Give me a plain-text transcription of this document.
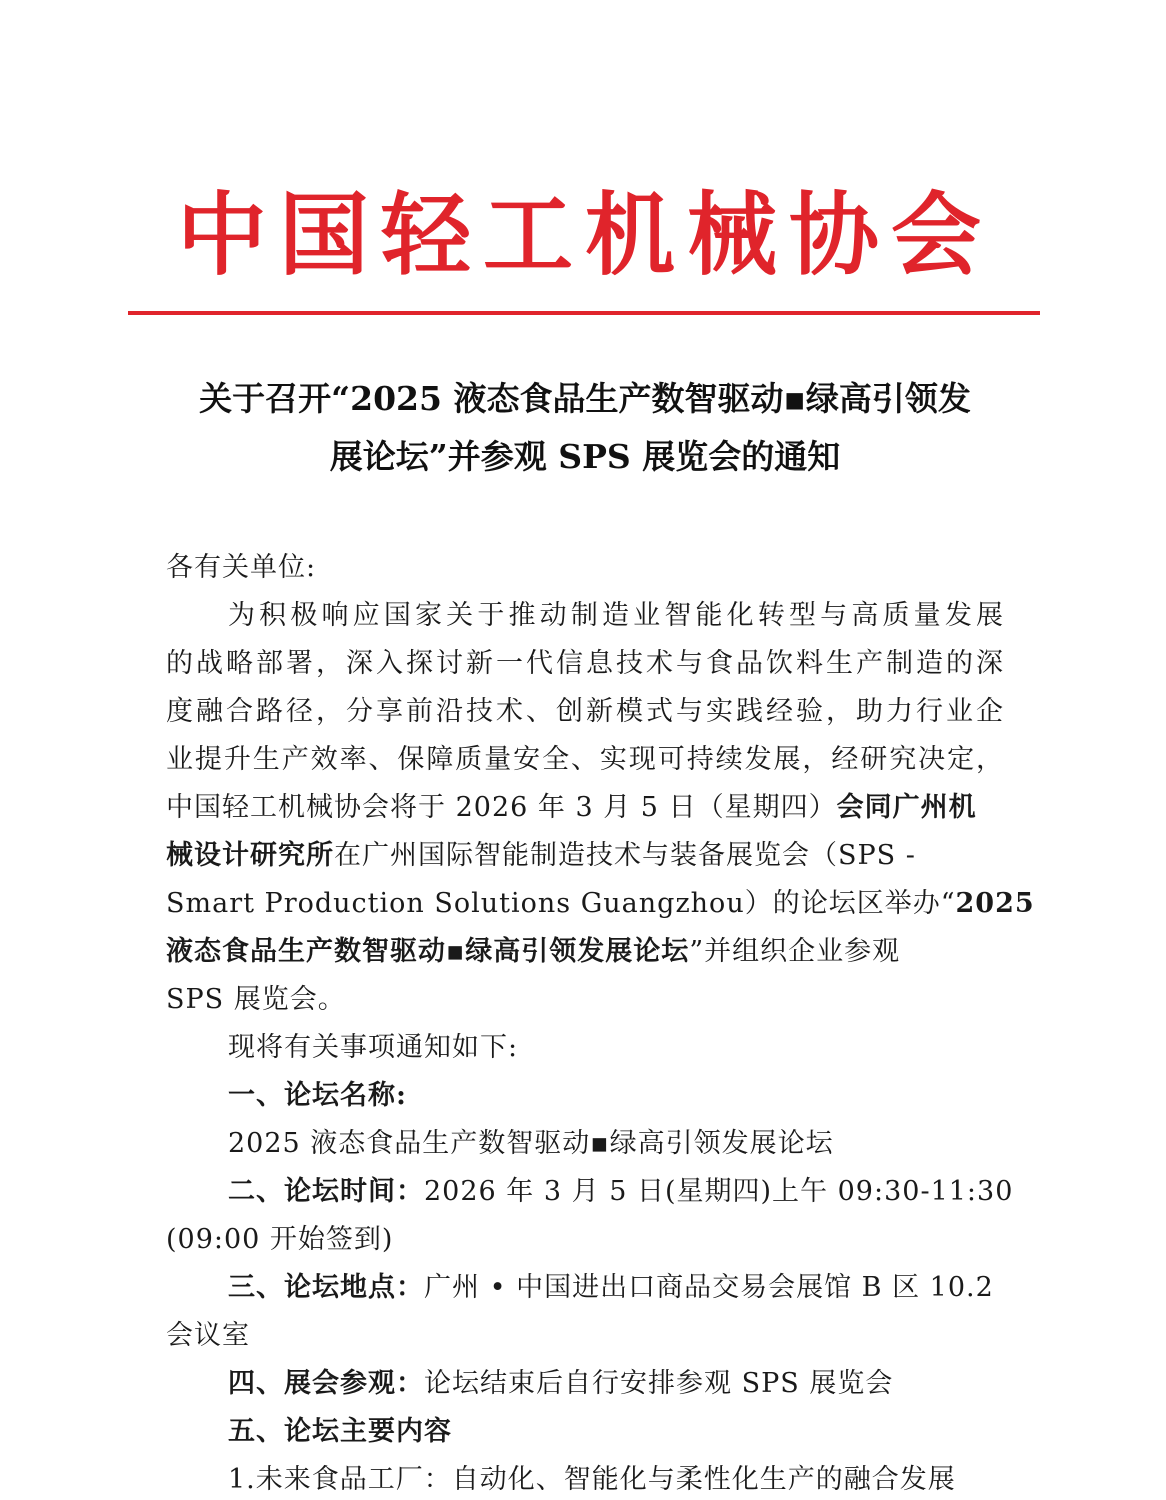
中国轻工机械协会
关于召开“2025 液态食品生产数智驱动▪绿高引领发
展论坛”并参观 SPS 展览会的通知
各有关单位:
为积极响应国家关于推动制造业智能化转型与高质量发展
的战略部署，深入探讨新一代信息技术与食品饮料生产制造的深
度融合路径，分享前沿技术、创新模式与实践经验，助力行业企
业提升生产效率、保障质量安全、实现可持续发展，经研究决定，
中国轻工机械协会将于 2026 年 3 月 5 日（星期四）会同广州机
械设计研究所在广州国际智能制造技术与装备展览会（SPS -
Smart Production Solutions Guangzhou）的论坛区举办“2025
液态食品生产数智驱动▪绿高引领发展论坛”并组织企业参观
SPS 展览会。
现将有关事项通知如下:
一、论坛名称:
2025 液态食品生产数智驱动▪绿高引领发展论坛
二、论坛时间：2026 年 3 月 5 日(星期四)上午 09:30-11:30
(09:00 开始签到)
三、论坛地点：广州 • 中国进出口商品交易会展馆 B 区 10.2
会议室
四、展会参观：论坛结束后自行安排参观 SPS 展览会
五、论坛主要内容
1.未来食品工厂：自动化、智能化与柔性化生产的融合发展
